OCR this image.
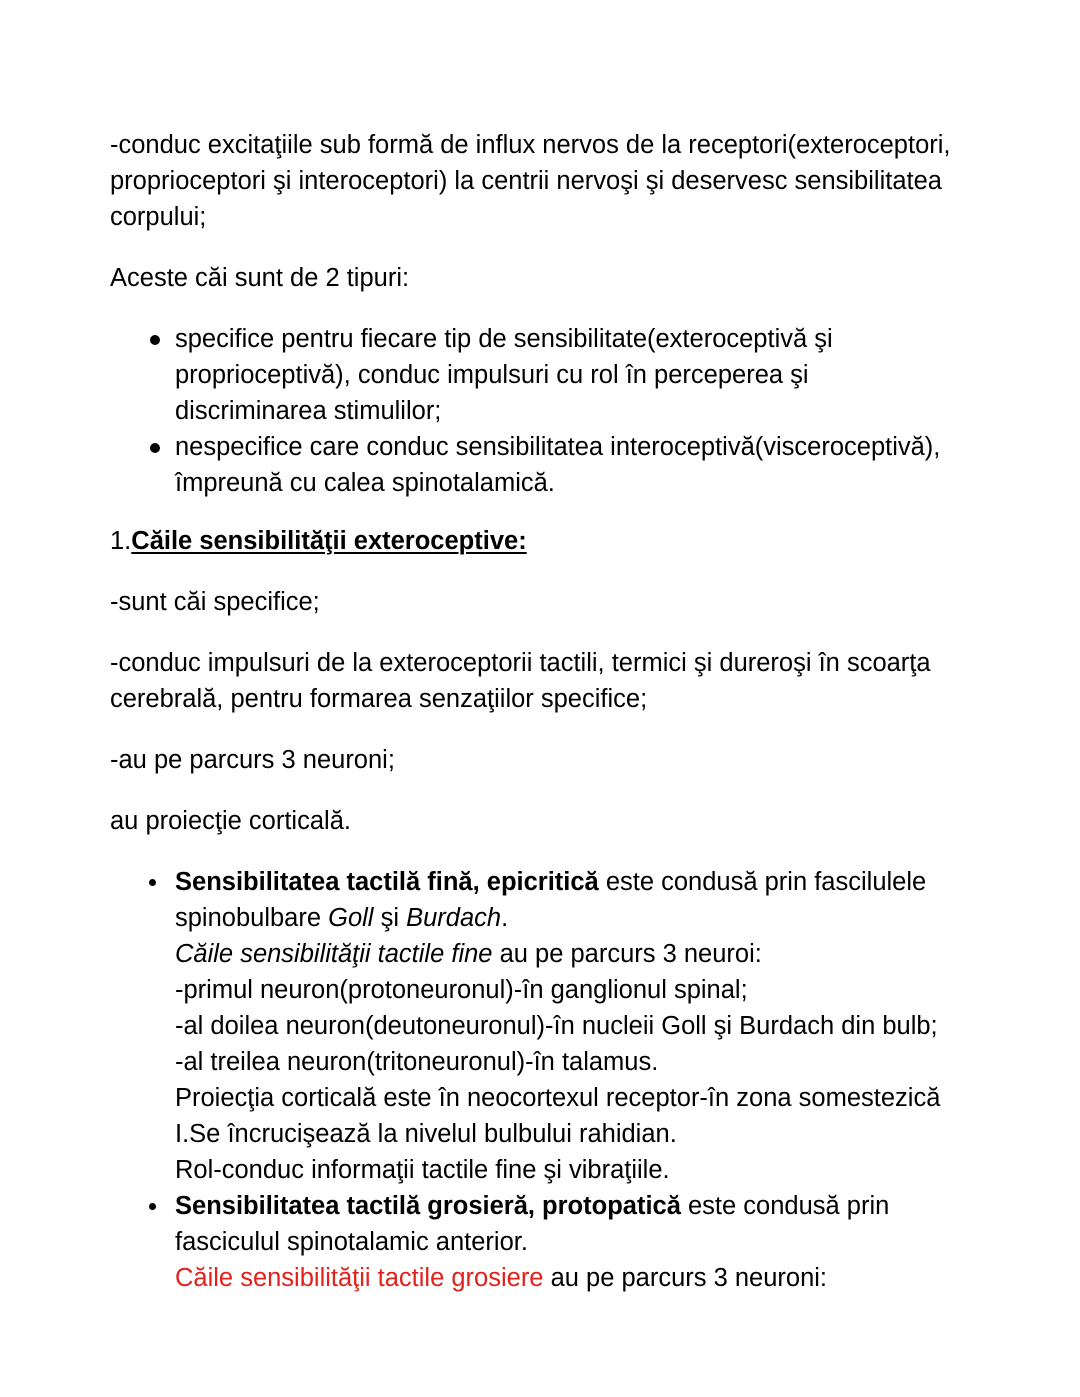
-conduc excitaţiile sub formă de influx nervos de la receptori(exteroceptori, proprioceptori şi interoceptori) la centrii nervoşi şi deservesc sensibilitatea corpului;

Aceste căi sunt de 2 tipuri:

specifice pentru fiecare tip de sensibilitate(exteroceptivă şi proprioceptivă), conduc impulsuri cu rol în perceperea şi discriminarea stimulilor;
nespecifice care conduc sensibilitatea interoceptivă(visceroceptivă), împreună cu calea spinotalamică.

1.Căile sensibilităţii exteroceptive:

-sunt căi specifice;

-conduc impulsuri de la exteroceptorii tactili, termici şi dureroşi în scoarţa cerebrală, pentru formarea senzaţiilor specifice;

-au pe parcurs 3 neuroni;

au proiecţie corticală.

Sensibilitatea tactilă fină, epicritică este condusă prin fascilulele spinobulbare Goll şi Burdach.
Căile sensibilităţii tactile fine au pe parcurs 3 neuroi:
-primul neuron(protoneuronul)-în ganglionul spinal;
-al doilea neuron(deutoneuronul)-în nucleii Goll şi Burdach din bulb;
-al treilea neuron(tritoneuronul)-în talamus.
Proiecţia corticală este în neocortexul receptor-în zona somestezică I.Se încrucişează la nivelul bulbului rahidian.
Rol-conduc informaţii tactile fine şi vibraţiile.
Sensibilitatea tactilă grosieră, protopatică este condusă prin fasciculul spinotalamic anterior.
Căile sensibilităţii tactile grosiere au pe parcurs 3 neuroni:
